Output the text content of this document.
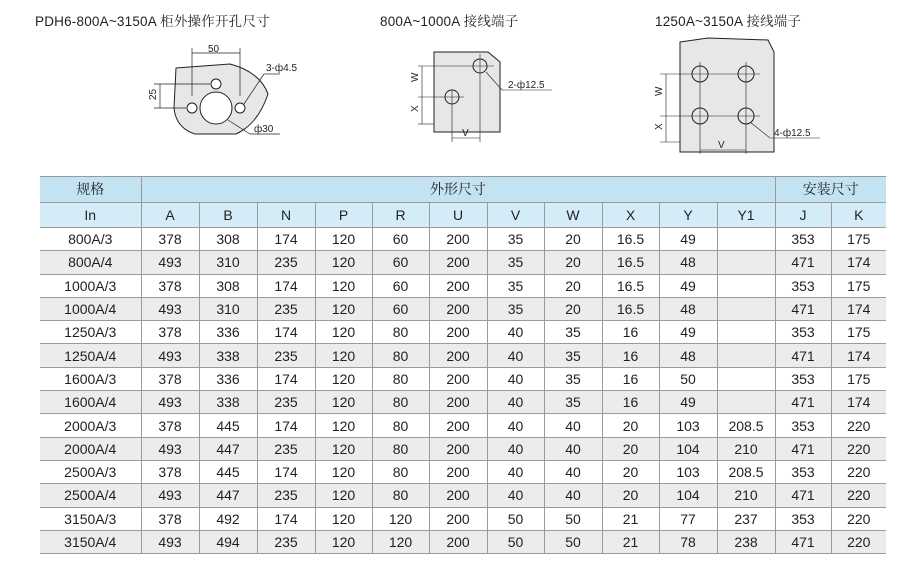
PDH6-800A~3150A 柜外操作开孔尺寸	800A~1000A 接线端子	1250A~3150A 接线端子
50
25
3-ф4.5
ф30
W
X
V
2-ф12.5
W
X
V
4-ф12.5
规格	外形尺寸											安装尺寸	
In	A	B	N	P	R	U	V	W	X	Y	Y1	J	K
800A/3	378	308	174	120	60	200	35	20	16.5	49		353	175
800A/4	493	310	235	120	60	200	35	20	16.5	48		471	174
1000A/3	378	308	174	120	60	200	35	20	16.5	49		353	175
1000A/4	493	310	235	120	60	200	35	20	16.5	48		471	174
1250A/3	378	336	174	120	80	200	40	35	16	49		353	175
1250A/4	493	338	235	120	80	200	40	35	16	48		471	174
1600A/3	378	336	174	120	80	200	40	35	16	50		353	175
1600A/4	493	338	235	120	80	200	40	35	16	49		471	174
2000A/3	378	445	174	120	80	200	40	40	20	103	208.5	353	220
2000A/4	493	447	235	120	80	200	40	40	20	104	210	471	220
2500A/3	378	445	174	120	80	200	40	40	20	103	208.5	353	220
2500A/4	493	447	235	120	80	200	40	40	20	104	210	471	220
3150A/3	378	492	174	120	120	200	50	50	21	77	237	353	220
3150A/4	493	494	235	120	120	200	50	50	21	78	238	471	220
